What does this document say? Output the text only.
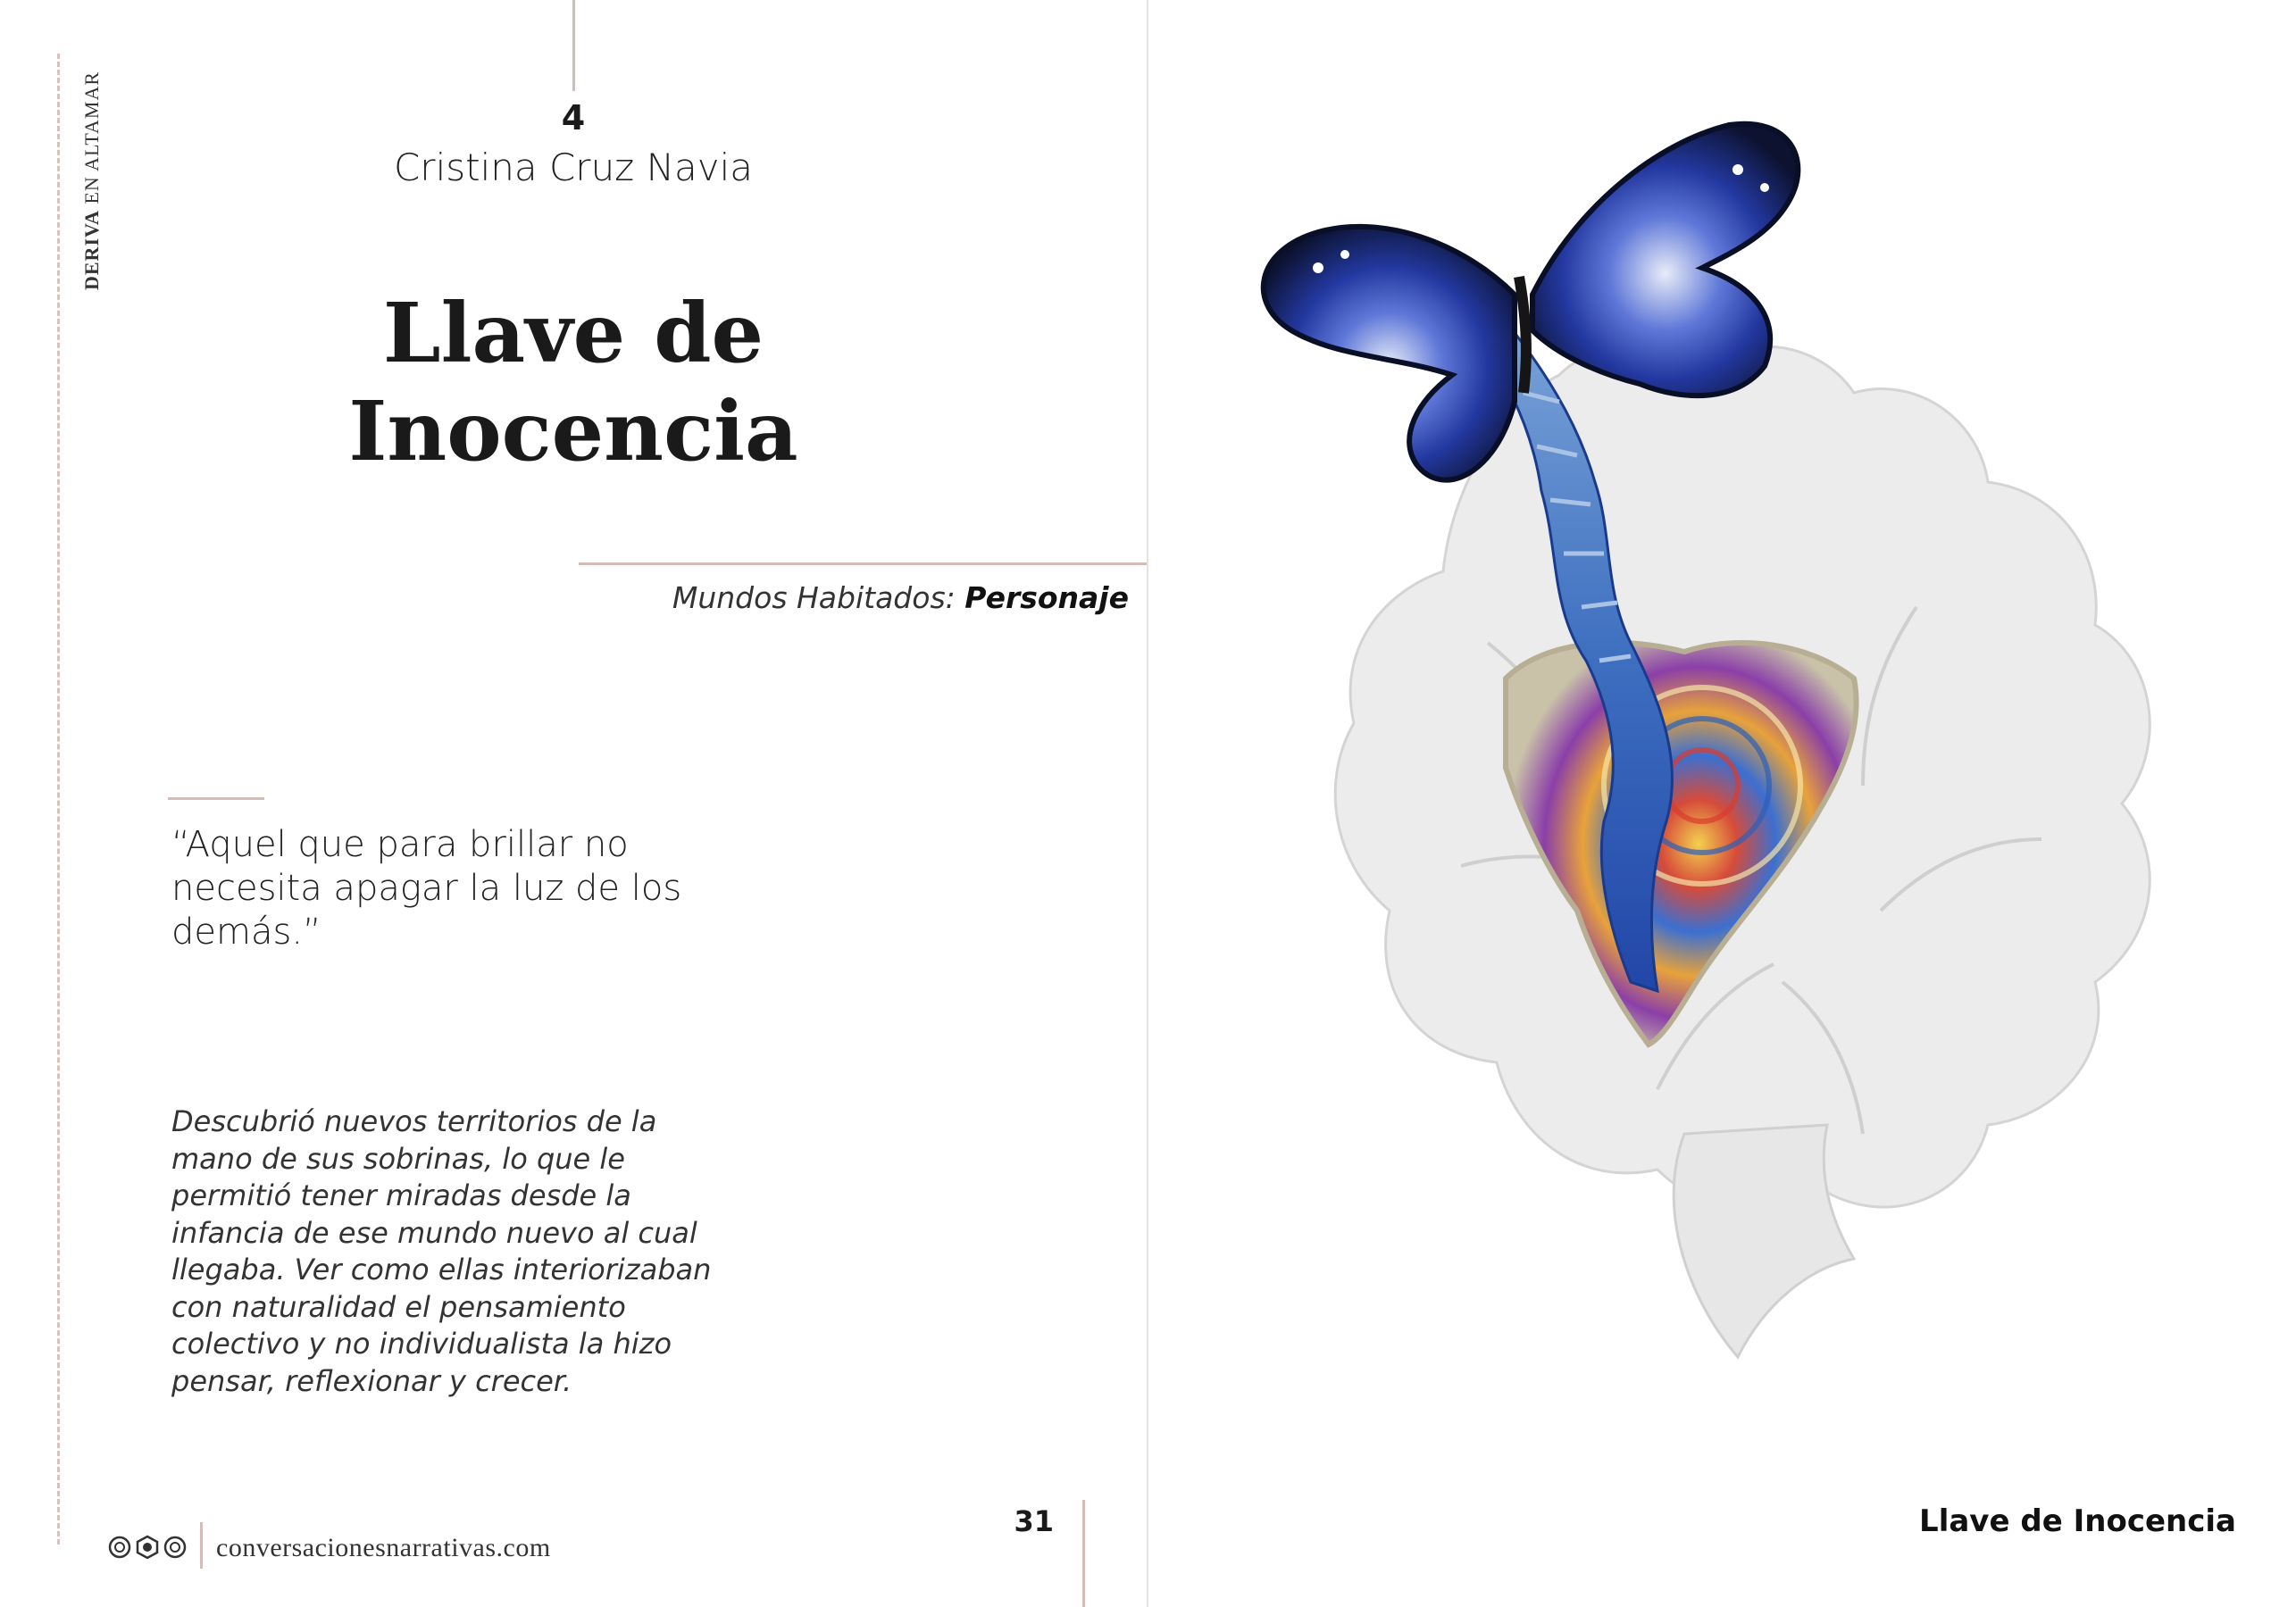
DERIVA EN ALTAMAR	4
Cristina Cruz Navia
Llave de
Inocencia
Mundos Habitados: Personaje
“Aquel que para brillar no necesita apagar la luz de los demás.”
Descubrió nuevos territorios de la mano de sus sobrinas, lo que le permitió tener miradas desde la infancia de ese mundo nuevo al cual llegaba. Ver como ellas interiorizaban con naturalidad el pensamiento colectivo y no individualista la hizo pensar, reflexionar y crecer.
conversacionesnarrativas.com
31	Llave de Inocencia
